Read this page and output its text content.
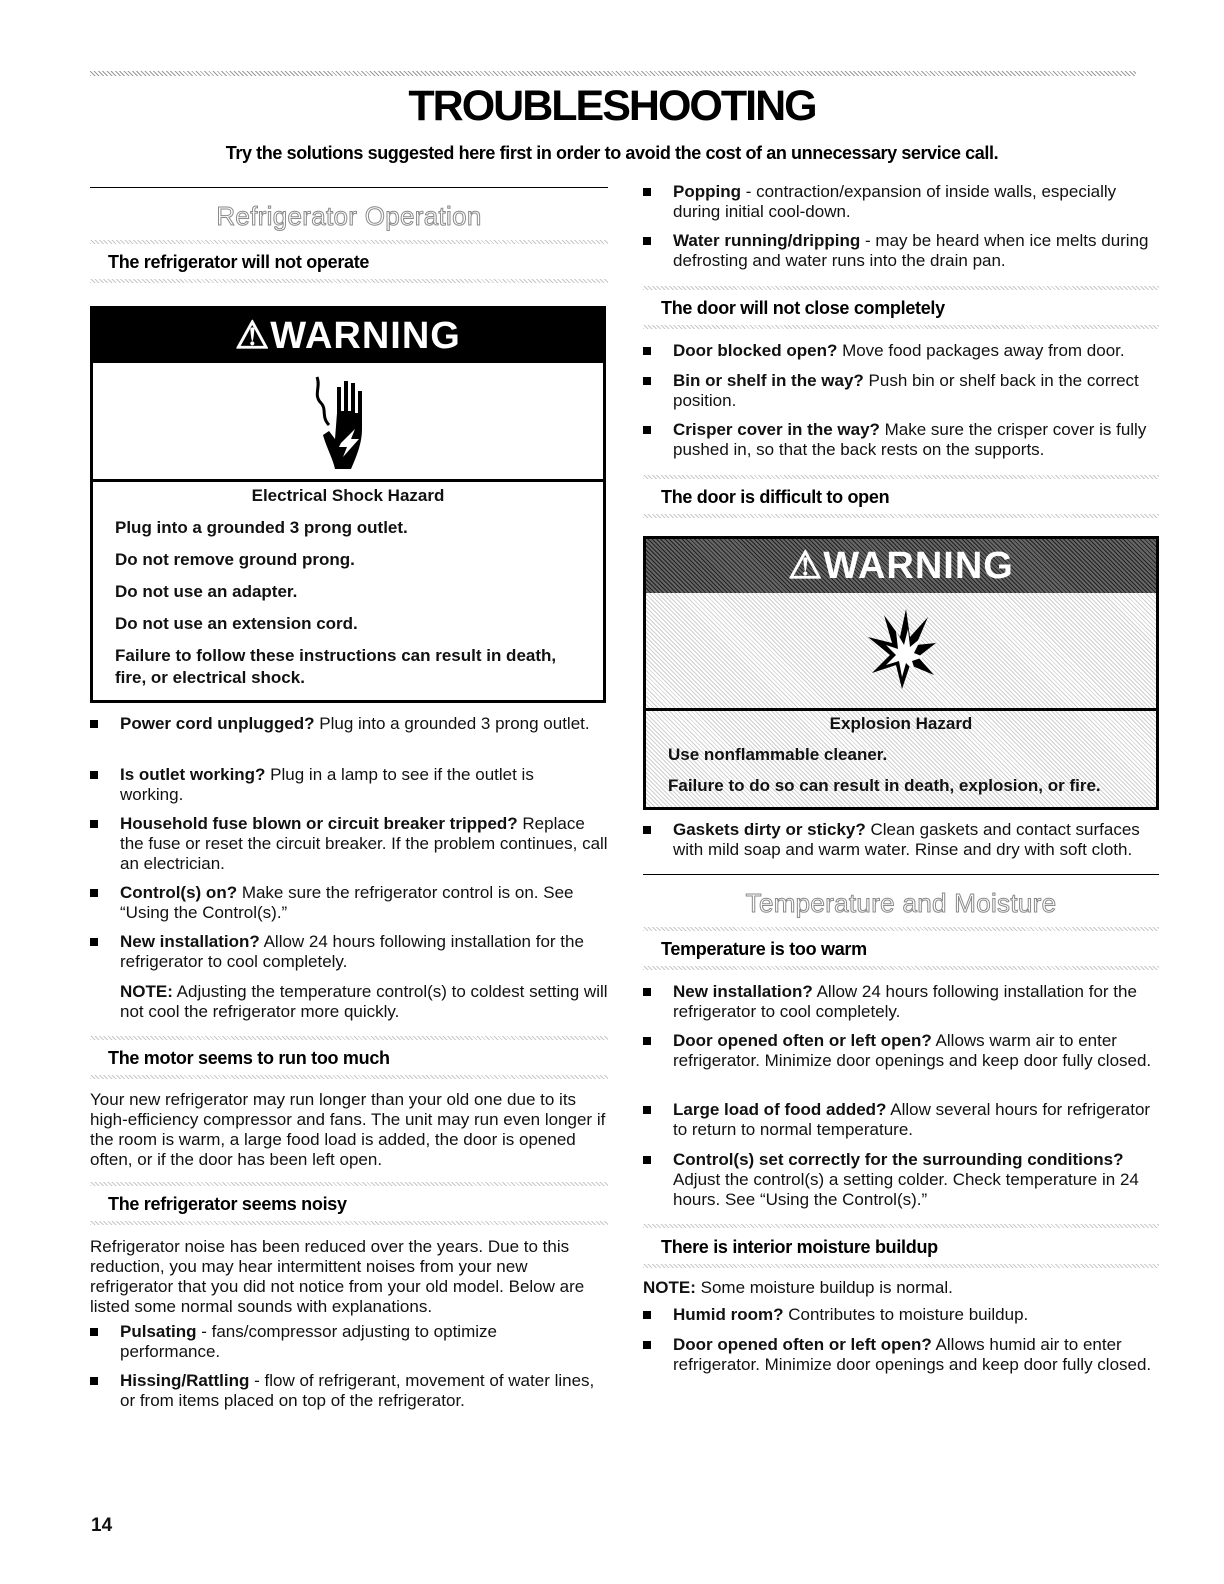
TROUBLESHOOTING
Try the solutions suggested here first in order to avoid the cost of an unnecessary service call.
Refrigerator Operation
The refrigerator will not operate
⚠WARNING
Electrical Shock Hazard
Plug into a grounded 3 prong outlet.
Do not remove ground prong.
Do not use an adapter.
Do not use an extension cord.
Failure to follow these instructions can result in death, fire, or electrical shock.
Power cord unplugged? Plug into a grounded 3 prong outlet.
Is outlet working? Plug in a lamp to see if the outlet is working.
Household fuse blown or circuit breaker tripped? Replace the fuse or reset the circuit breaker. If the problem continues, call an electrician.
Control(s) on? Make sure the refrigerator control is on. See “Using the Control(s).”
New installation? Allow 24 hours following installation for the refrigerator to cool completely.
NOTE: Adjusting the temperature control(s) to coldest setting will not cool the refrigerator more quickly.
The motor seems to run too much
Your new refrigerator may run longer than your old one due to its high-efficiency compressor and fans. The unit may run even longer if the room is warm, a large food load is added, the door is opened often, or if the door has been left open.
The refrigerator seems noisy
Refrigerator noise has been reduced over the years. Due to this reduction, you may hear intermittent noises from your new refrigerator that you did not notice from your old model. Below are listed some normal sounds with explanations.
Pulsating - fans/compressor adjusting to optimize performance.
Hissing/Rattling - flow of refrigerant, movement of water lines, or from items placed on top of the refrigerator.
Popping - contraction/expansion of inside walls, especially during initial cool-down.
Water running/dripping - may be heard when ice melts during defrosting and water runs into the drain pan.
The door will not close completely
Door blocked open? Move food packages away from door.
Bin or shelf in the way? Push bin or shelf back in the correct position.
Crisper cover in the way? Make sure the crisper cover is fully pushed in, so that the back rests on the supports.
The door is difficult to open
⚠WARNING
Explosion Hazard
Use nonflammable cleaner.
Failure to do so can result in death, explosion, or fire.
Gaskets dirty or sticky? Clean gaskets and contact surfaces with mild soap and warm water. Rinse and dry with soft cloth.
Temperature and Moisture
Temperature is too warm
New installation? Allow 24 hours following installation for the refrigerator to cool completely.
Door opened often or left open? Allows warm air to enter refrigerator. Minimize door openings and keep door fully closed.
Large load of food added? Allow several hours for refrigerator to return to normal temperature.
Control(s) set correctly for the surrounding conditions? Adjust the control(s) a setting colder. Check temperature in 24 hours. See “Using the Control(s).”
There is interior moisture buildup
NOTE: Some moisture buildup is normal.
Humid room? Contributes to moisture buildup.
Door opened often or left open? Allows humid air to enter refrigerator. Minimize door openings and keep door fully closed.
14
